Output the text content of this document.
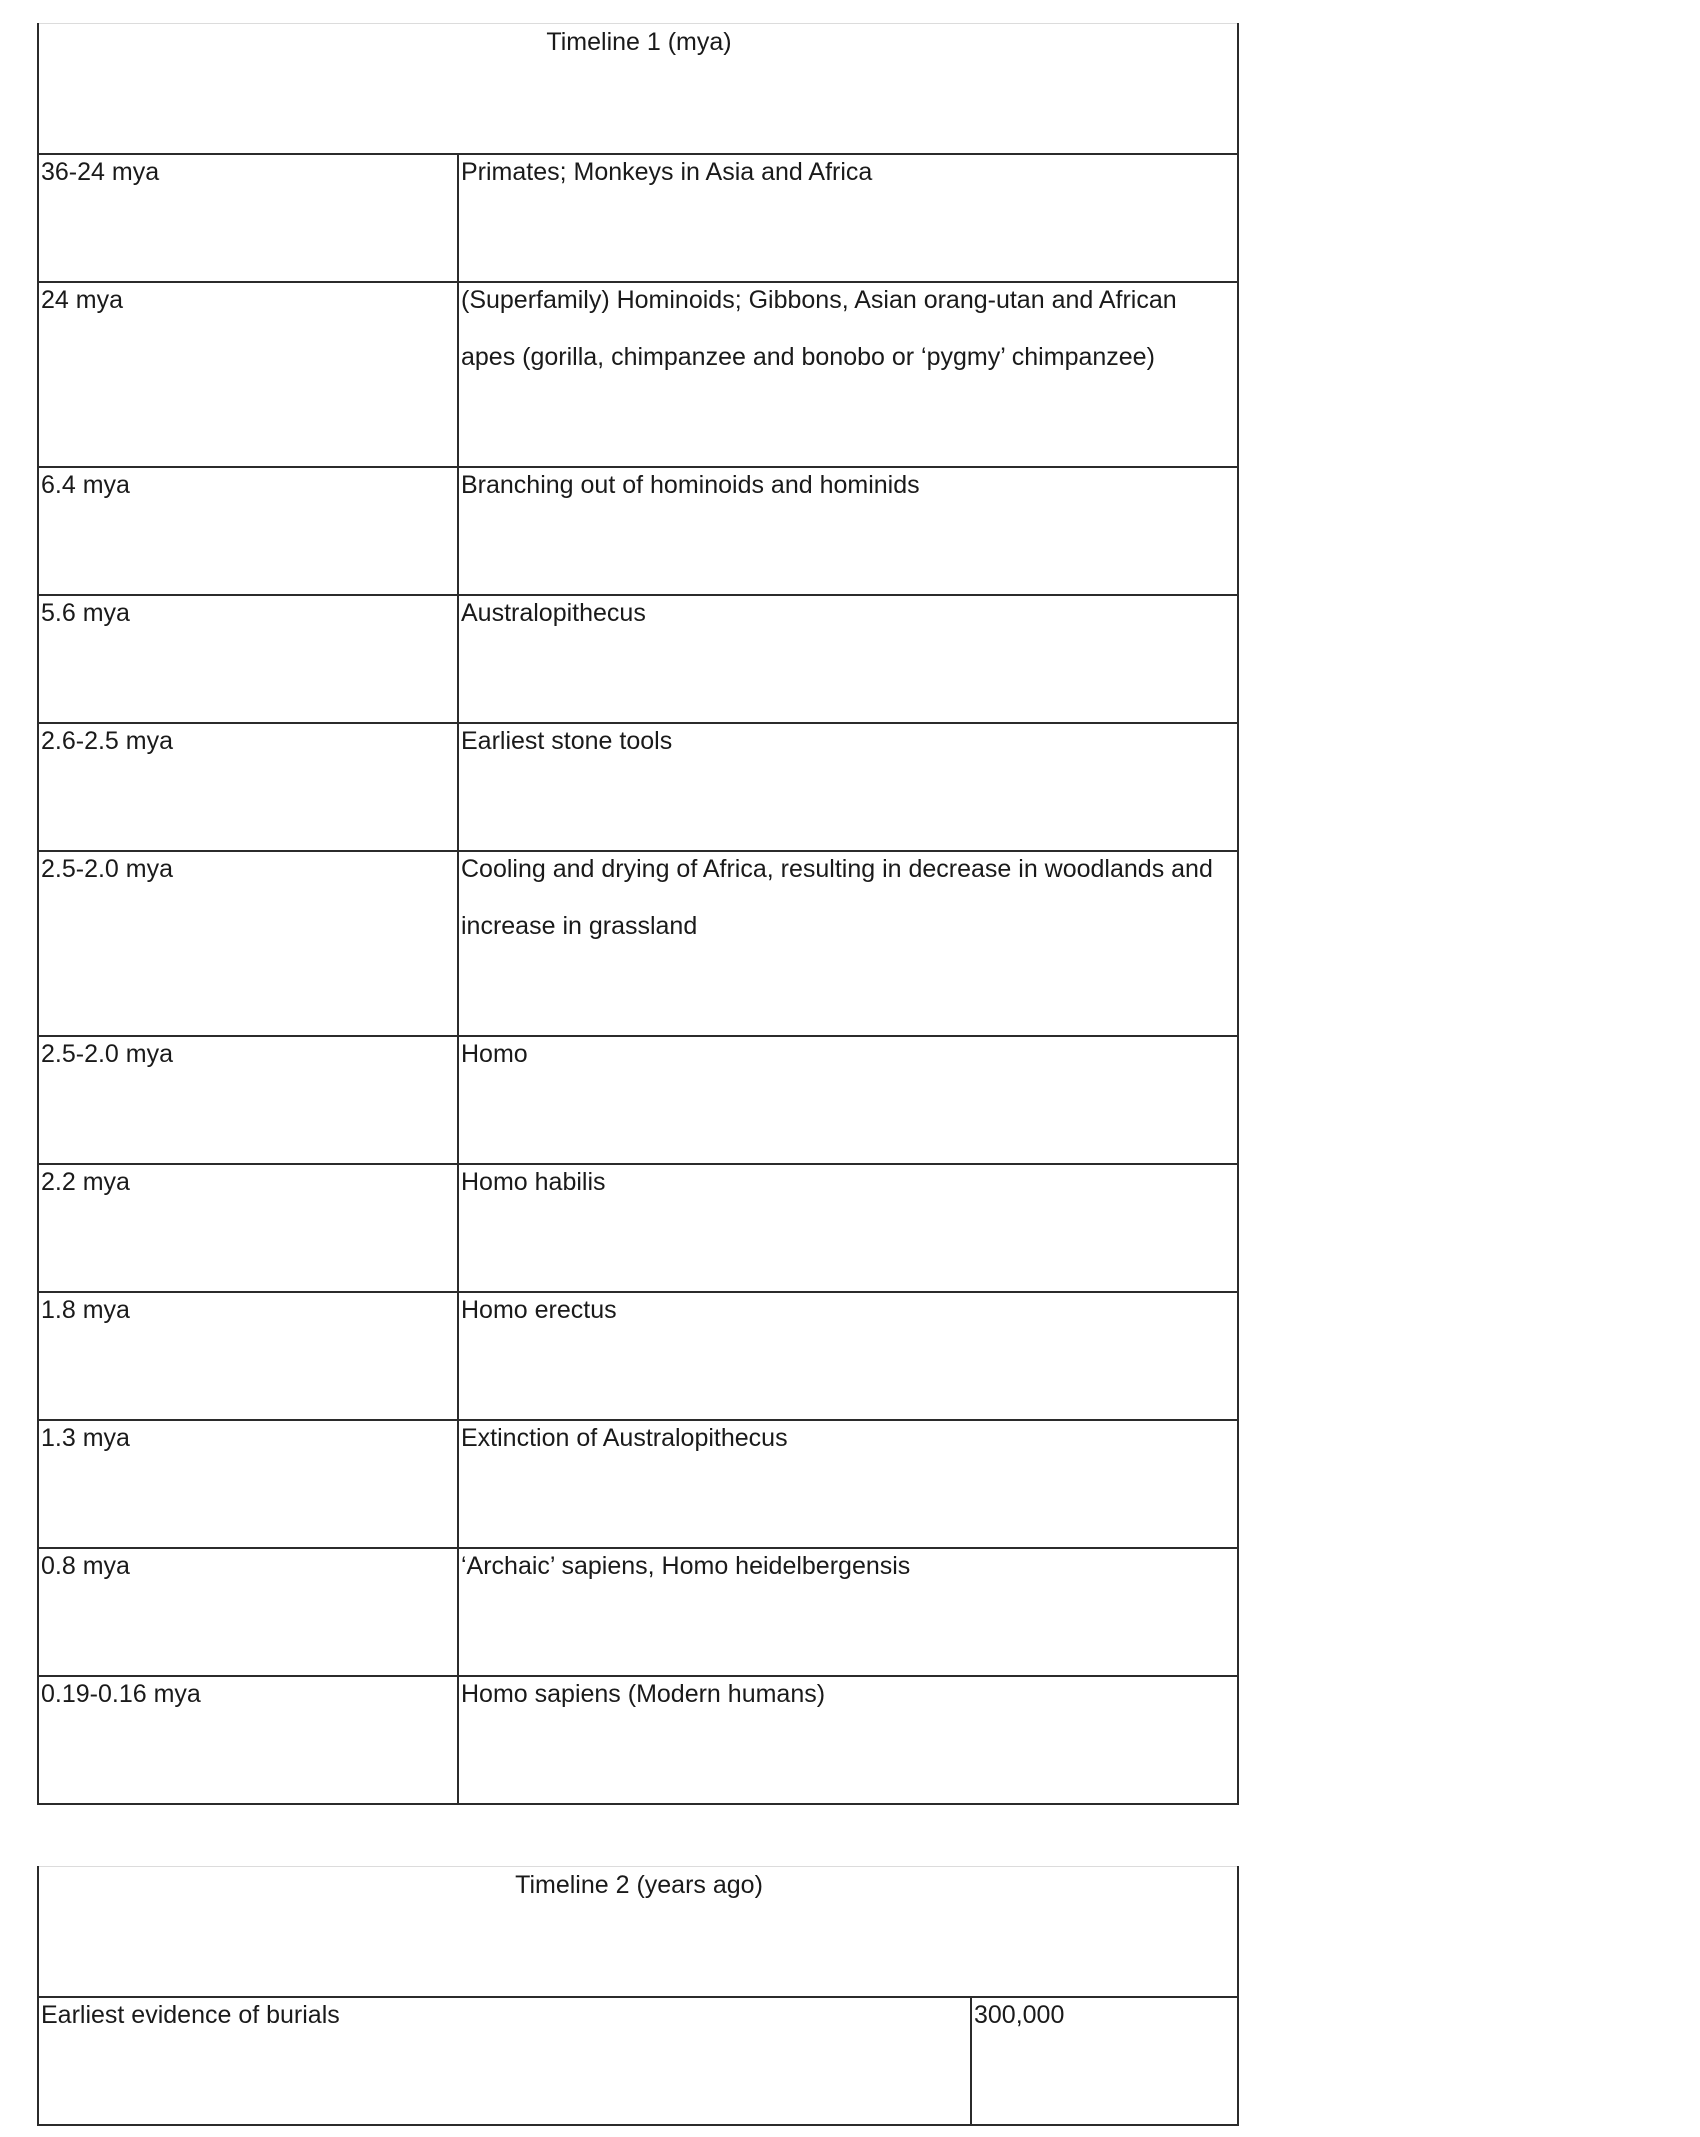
Timeline 1 (mya)	
36-24 mya	Primates; Monkeys in Asia and Africa
24 mya	(Superfamily) Hominoids; Gibbons, Asian orang-utan and African apes (gorilla, chimpanzee and bonobo or ‘pygmy’ chimpanzee)

6.4 mya	Branching out of hominoids and hominids
5.6 mya	Australopithecus
2.6-2.5 mya	Earliest stone tools
2.5-2.0 mya	Cooling and drying of Africa, resulting in decrease in woodlands and increase in grassland

2.5-2.0 mya	Homo
2.2 mya	Homo habilis
1.8 mya	Homo erectus
1.3 mya	Extinction of Australopithecus
0.8 mya	‘Archaic’ sapiens, Homo heidelbergensis
0.19-0.16 mya	Homo sapiens (Modern humans)
Timeline 2 (years ago)
Earliest evidence of burials	300,000
